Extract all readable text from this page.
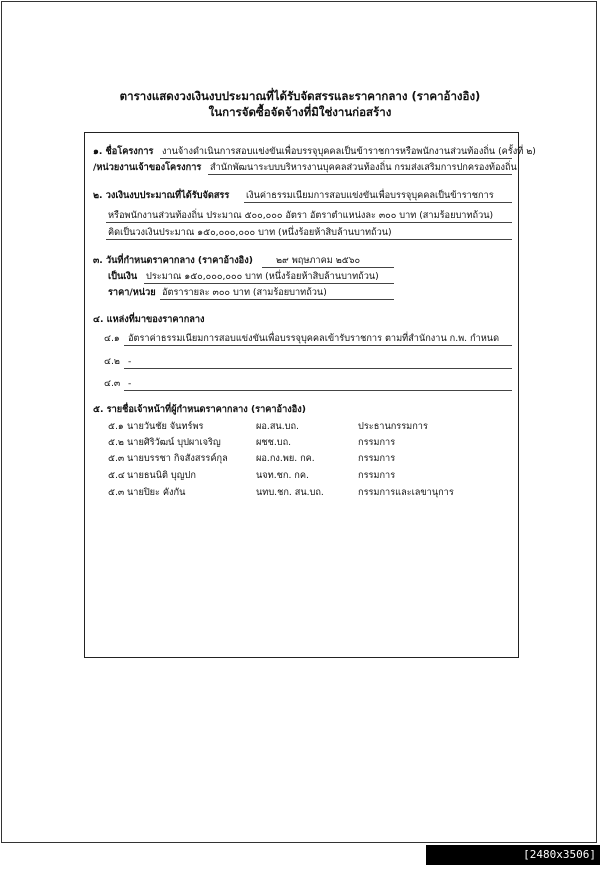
ตารางแสดงวงเงินงบประมาณที่ได้รับจัดสรรและราคากลาง (ราคาอ้างอิง)
ในการจัดซื้อจัดจ้างที่มิใช่งานก่อสร้าง
๑. ชื่อโครงการ งานจ้างดำเนินการสอบแข่งขันเพื่อบรรจุบุคคลเป็นข้าราชการหรือพนักงานส่วนท้องถิ่น (ครั้งที่ ๒)
/หน่วยงานเจ้าของโครงการ สำนักพัฒนาระบบบริหารงานบุคคลส่วนท้องถิ่น กรมส่งเสริมการปกครองท้องถิ่น
๒. วงเงินงบประมาณที่ได้รับจัดสรร เงินค่าธรรมเนียมการสอบแข่งขันเพื่อบรรจุบุคคลเป็นข้าราชการ
หรือพนักงานส่วนท้องถิ่น ประมาณ ๕๐๐,๐๐๐ อัตรา อัตราตำแหน่งละ ๓๐๐ บาท (สามร้อยบาทถ้วน)
คิดเป็นวงเงินประมาณ ๑๕๐,๐๐๐,๐๐๐ บาท (หนึ่งร้อยห้าสิบล้านบาทถ้วน)
๓. วันที่กำหนดราคากลาง (ราคาอ้างอิง)	๒๙ พฤษภาคม ๒๕๖๐
เป็นเงิน ประมาณ ๑๕๐,๐๐๐,๐๐๐ บาท (หนึ่งร้อยห้าสิบล้านบาทถ้วน)
ราคา/หน่วย อัตรารายละ ๓๐๐ บาท (สามร้อยบาทถ้วน)
๔. แหล่งที่มาของราคากลาง
๔.๑ อัตราค่าธรรมเนียมการสอบแข่งขันเพื่อบรรจุบุคคลเข้ารับราชการ ตามที่สำนักงาน ก.พ. กำหนด
๔.๒ -
๔.๓ -
๕. รายชื่อเจ้าหน้าที่ผู้กำหนดราคากลาง (ราคาอ้างอิง)
๕.๑ นายวันชัย จันทร์พร	ผอ.สน.บถ.	ประธานกรรมการ
๕.๒ นายศิริวัฒน์ บุปผาเจริญ	ผชช.บถ.	กรรมการ
๕.๓ นายบรรชา กิจสังสรรค์กุล	ผอ.กง.พย. กค.	กรรมการ
๕.๔ นายธนนิติ บุญปก	นจท.ชก. กค.	กรรมการ
๕.๓ นายปิยะ คังกัน	นทบ.ชก. สน.บถ.	กรรมการและเลขานุการ
[2480x3506] https://upic.me/
